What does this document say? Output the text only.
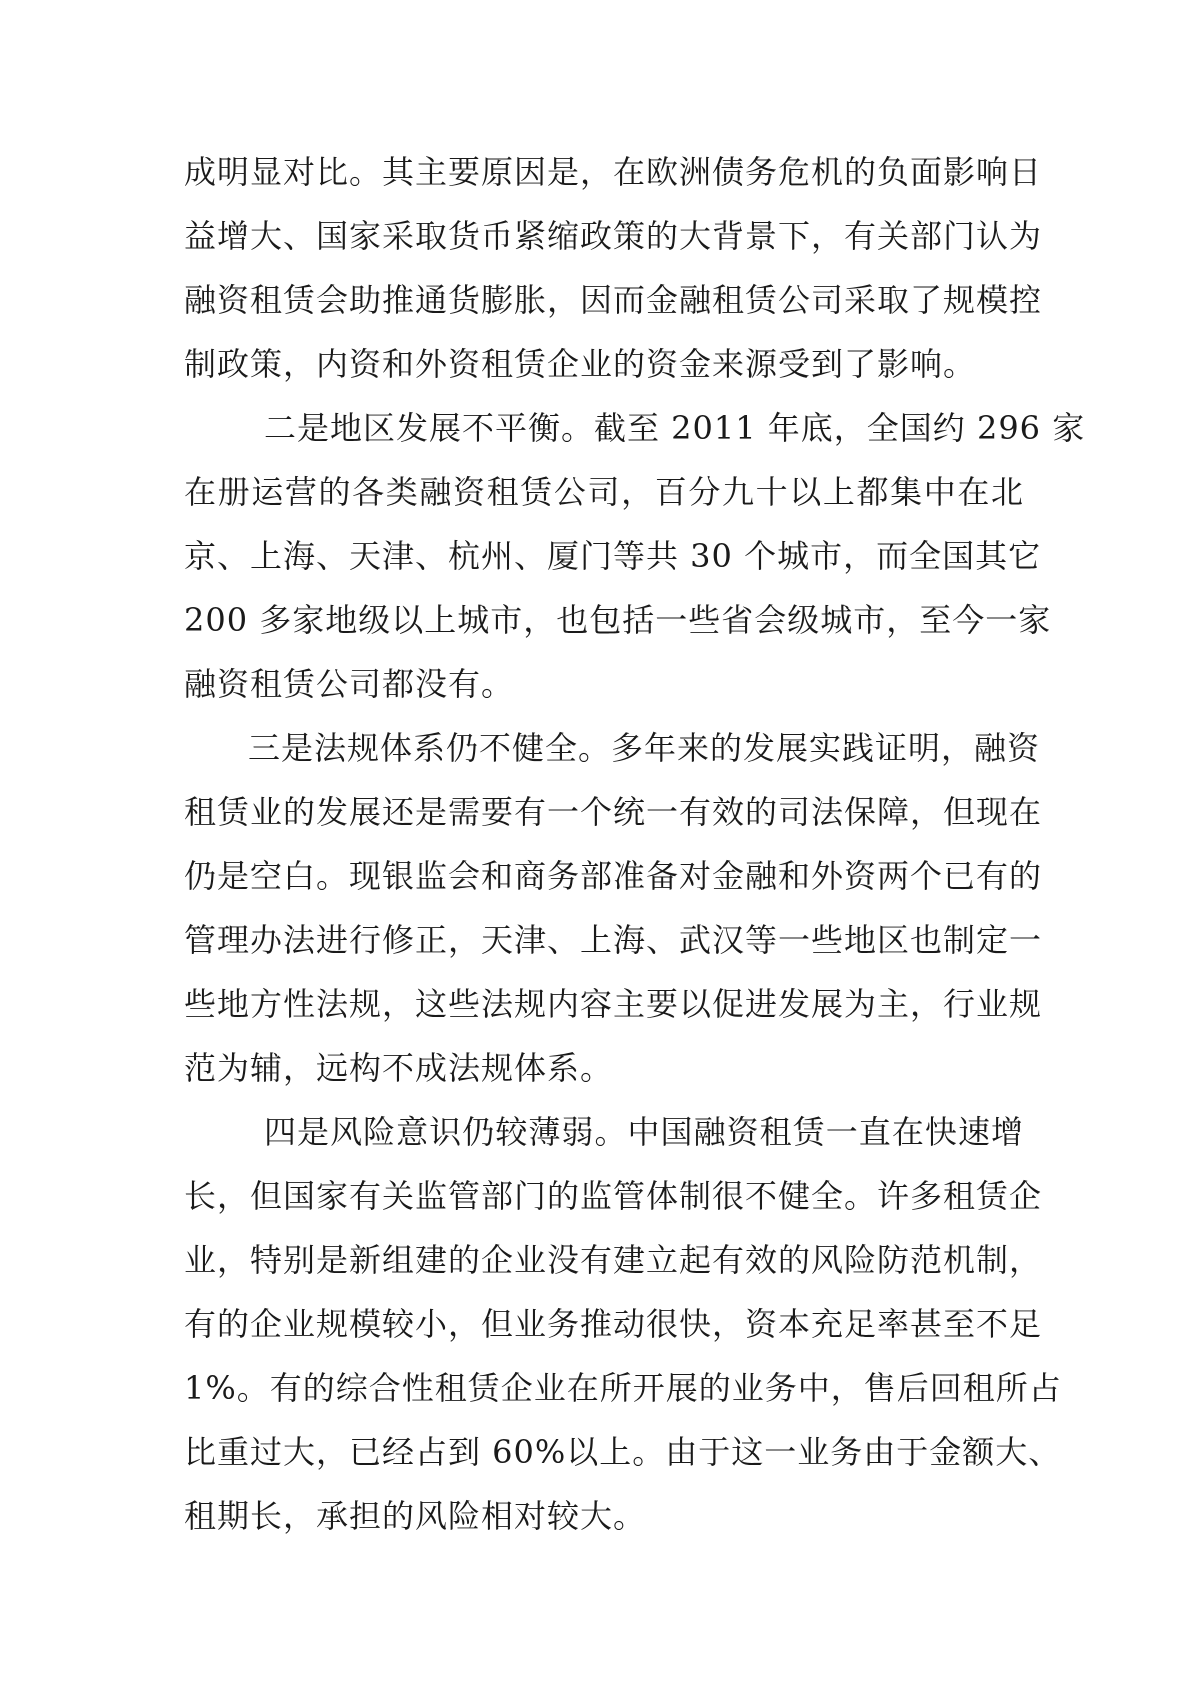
成明显对比。其主要原因是，在欧洲债务危机的负面影响日
益增大、国家采取货币紧缩政策的大背景下，有关部门认为
融资租赁会助推通货膨胀，因而金融租赁公司采取了规模控
制政策，内资和外资租赁企业的资金来源受到了影响。
二是地区发展不平衡。截至 2011 年底，全国约 296 家
在册运营的各类融资租赁公司，百分九十以上都集中在北
京、上海、天津、杭州、厦门等共 30 个城市，而全国其它
200 多家地级以上城市，也包括一些省会级城市，至今一家
融资租赁公司都没有。
三是法规体系仍不健全。多年来的发展实践证明，融资
租赁业的发展还是需要有一个统一有效的司法保障，但现在
仍是空白。现银监会和商务部准备对金融和外资两个已有的
管理办法进行修正，天津、上海、武汉等一些地区也制定一
些地方性法规，这些法规内容主要以促进发展为主，行业规
范为辅，远构不成法规体系。
四是风险意识仍较薄弱。中国融资租赁一直在快速增
长，但国家有关监管部门的监管体制很不健全。许多租赁企
业，特别是新组建的企业没有建立起有效的风险防范机制，
有的企业规模较小，但业务推动很快，资本充足率甚至不足
1%。有的综合性租赁企业在所开展的业务中，售后回租所占
比重过大，已经占到 60%以上。由于这一业务由于金额大、
租期长，承担的风险相对较大。
